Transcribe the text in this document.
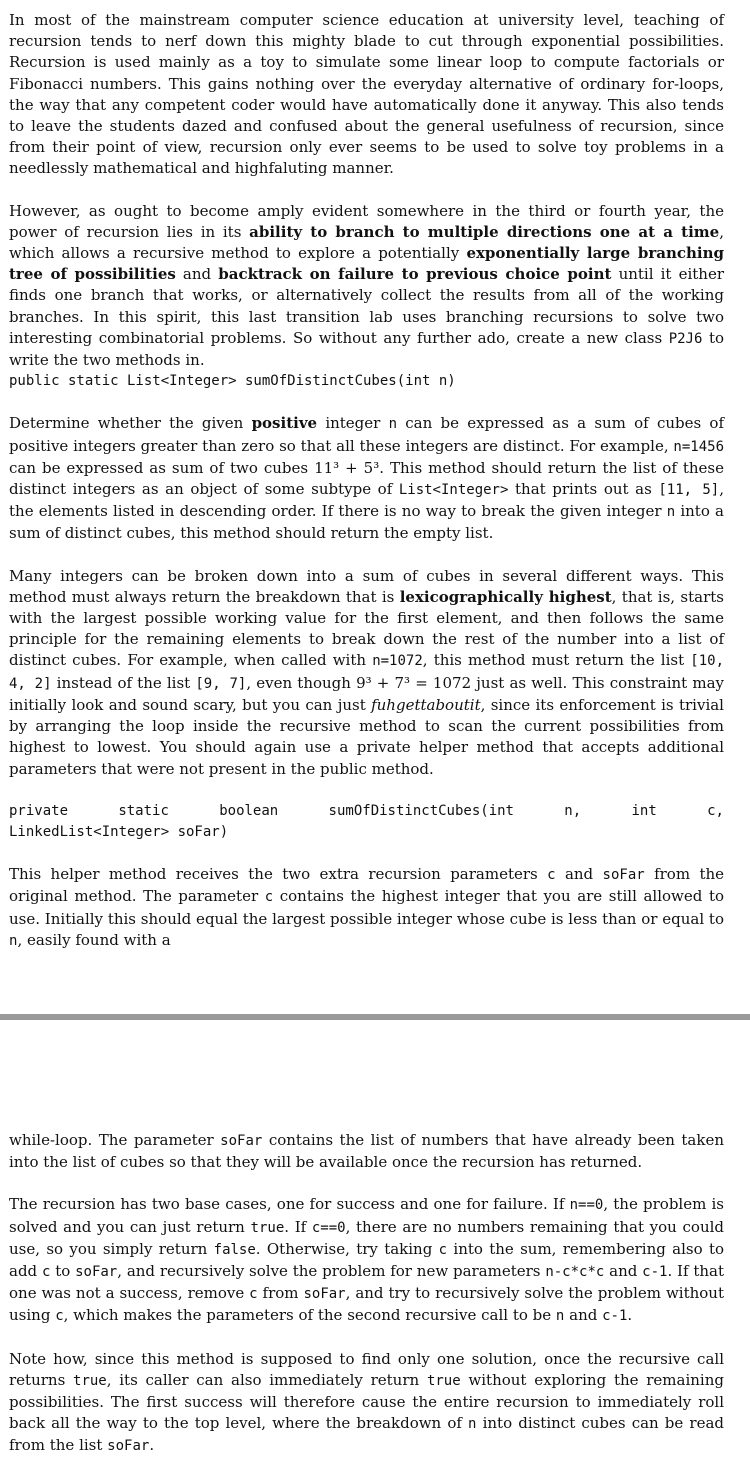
In most of the mainstream computer science education at university level, teaching of recursion tends to nerf down this mighty blade to cut through exponential possibilities. Recursion is used mainly as a toy to simulate some linear loop to compute factorials or Fibonacci numbers. This gains nothing over the everyday alternative of ordinary for-loops, the way that any competent coder would have automatically done it anyway. This also tends to leave the students dazed and confused about the general usefulness of recursion, since from their point of view, recursion only ever seems to be used to solve toy problems in a needlessly mathematical and highfaluting manner.

However, as ought to become amply evident somewhere in the third or fourth year, the power of recursion lies in its ability to branch to multiple directions one at a time, which allows a recursive method to explore a potentially exponentially large branching tree of possibilities and backtrack on failure to previous choice point until it either finds one branch that works, or alternatively collect the results from all of the working branches. In this spirit, this last transition lab uses branching recursions to solve two interesting combinatorial problems. So without any further ado, create a new class P2J6 to write the two methods in.

public static List<Integer> sumOfDistinctCubes(int n)

Determine whether the given positive integer n can be expressed as a sum of cubes of positive integers greater than zero so that all these integers are distinct. For example, n=1456 can be expressed as sum of two cubes 11³ + 5³. This method should return the list of these distinct integers as an object of some subtype of List<Integer> that prints out as [11, 5], the elements listed in descending order. If there is no way to break the given integer n into a sum of distinct cubes, this method should return the empty list.

Many integers can be broken down into a sum of cubes in several different ways. This method must always return the breakdown that is lexicographically highest, that is, starts with the largest possible working value for the first element, and then follows the same principle for the remaining elements to break down the rest of the number into a list of distinct cubes. For example, when called with n=1072, this method must return the list [10, 4, 2] instead of the list [9, 7], even though 9³ + 7³ = 1072 just as well. This constraint may initially look and sound scary, but you can just fuhgettaboutit, since its enforcement is trivial by arranging the loop inside the recursive method to scan the current possibilities from highest to lowest. You should again use a private helper method that accepts additional parameters that were not present in the public method.

private	static	boolean	sumOfDistinctCubes(int	n,	int	c,
LinkedList<Integer> soFar)

This helper method receives the two extra recursion parameters c and soFar from the original method. The parameter c contains the highest integer that you are still allowed to use. Initially this should equal the largest possible integer whose cube is less than or equal to n, easily found with a

while-loop. The parameter soFar contains the list of numbers that have already been taken into the list of cubes so that they will be available once the recursion has returned.

The recursion has two base cases, one for success and one for failure. If n==0, the problem is solved and you can just return true. If c==0, there are no numbers remaining that you could use, so you simply return false. Otherwise, try taking c into the sum, remembering also to add c to soFar, and recursively solve the problem for new parameters n-c*c*c and c-1. If that one was not a success, remove c from soFar, and try to recursively solve the problem without using c, which makes the parameters of the second recursive call to be n and c-1.

Note how, since this method is supposed to find only one solution, once the recursive call returns true, its caller can also immediately return true without exploring the remaining possibilities. The first success will therefore cause the entire recursion to immediately roll back all the way to the top level, where the breakdown of n into distinct cubes can be read from the list soFar.
